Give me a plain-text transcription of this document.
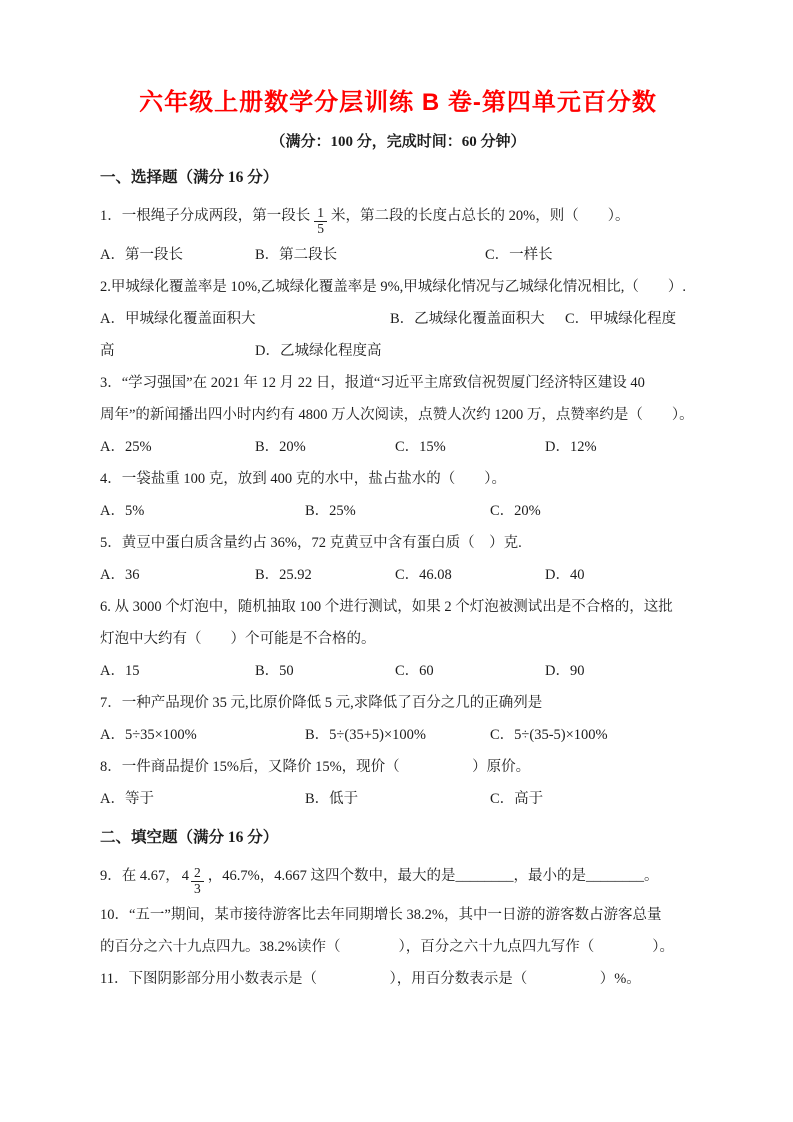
六年级上册数学分层训练 B 卷-第四单元百分数
（满分：100 分，完成时间：60 分钟）
一、选择题（满分 16 分）
1．一根绳子分成两段，第一段长 $\frac{1}{5}$ 米，第二段的长度占总长的 20%，则（　　）。
A．第一段长	B．第二段长	C．一样长
2.甲城绿化覆盖率是 10%,乙城绿化覆盖率是 9%,甲城绿化情况与乙城绿化情况相比,（　　）.
A．甲城绿化覆盖面积大	B．乙城绿化覆盖面积大	C．甲城绿化程度
高	D．乙城绿化程度高
3．“学习强国”在 2021 年 12 月 22 日，报道“习近平主席致信祝贺厦门经济特区建设 40
周年”的新闻播出四小时内约有 4800 万人次阅读，点赞人次约 1200 万，点赞率约是（　　）。
A．25%	B．20%	C．15%	D．12%
4．一袋盐重 100 克，放到 400 克的水中，盐占盐水的（　　）。
A．5%	B．25%	C．20%
5．黄豆中蛋白质含量约占 36%，72 克黄豆中含有蛋白质（　）克.
A．36	B．25.92	C．46.08	D．40
6. 从 3000 个灯泡中，随机抽取 100 个进行测试，如果 2 个灯泡被测试出是不合格的，这批
灯泡中大约有（　　）个可能是不合格的。
A．15	B．50	C．60	D．90
7．一种产品现价 35 元,比原价降低 5 元,求降低了百分之几的正确列是
A．5÷35×100%	B．5÷(35+5)×100%	C．5÷(35-5)×100%
8．一件商品提价 15%后，又降价 15%，现价（　　　　　）原价。
A．等于	B．低于	C．高于
二、填空题（满分 16 分）
9．在 4.67， $4 \frac{2}{3}$ ，46.7%，4.667 这四个数中，最大的是________，最小的是________。
10．“五一”期间，某市接待游客比去年同期增长 38.2%，其中一日游的游客数占游客总量
的百分之六十九点四九。38.2%读作（　　　　），百分之六十九点四九写作（　　　　）。
11．下图阴影部分用小数表示是（　　　　　），用百分数表示是（　　　　　）%。
